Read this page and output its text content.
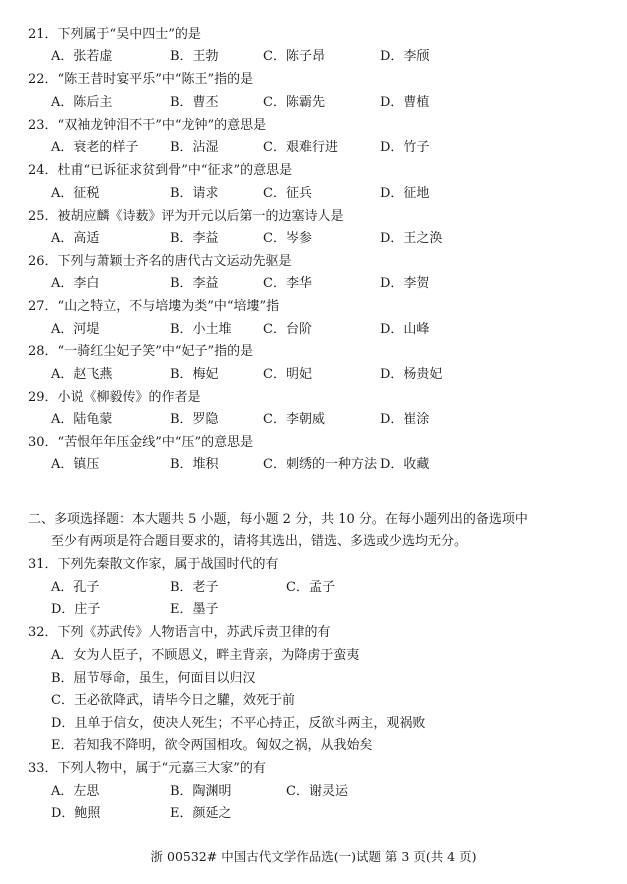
21．下列属于“吴中四士”的是
A．张若虚	B．王勃	C．陈子昂	D．李颀
22．“陈王昔时宴平乐”中“陈王”指的是
A．陈后主	B．曹丕	C．陈霸先	D．曹植
23．“双袖龙钟泪不干”中“龙钟”的意思是
A．衰老的样子 B．沾湿	C．艰难行进	D．竹子
24．杜甫“已诉征求贫到骨”中“征求”的意思是
A．征税	B．请求	C．征兵	D．征地
25．被胡应麟《诗薮》评为开元以后第一的边塞诗人是
A．高适	B．李益	C．岑参	D．王之涣
26．下列与萧颖士齐名的唐代古文运动先驱是
A．李白	B．李益	C．李华	D．李贺
27．“山之特立，不与培塿为类”中“培塿”指
A．河堤	B．小土堆 C．台阶	D．山峰
28．“一骑红尘妃子笑”中“妃子”指的是
A．赵飞燕	B．梅妃	C．明妃	D．杨贵妃
29．小说《柳毅传》的作者是
A．陆龟蒙	B．罗隐	C．李朝威	D．崔涂
30．“苦恨年年压金线”中“压”的意思是
A．镇压	B．堆积	C．刺绣的一种方法 D．收藏
二、多项选择题：本大题共 5 小题，每小题 2 分，共 10 分。在每小题列出的备选项中
至少有两项是符合题目要求的，请将其选出，错选、多选或少选均无分。
31．下列先秦散文作家，属于战国时代的有
A．孔子	B．老子	C．孟子
D．庄子	E．墨子
32．下列《苏武传》人物语言中，苏武斥责卫律的有
A．女为人臣子，不顾恩义，畔主背亲，为降虏于蛮夷
B．屈节辱命，虽生，何面目以归汉
C．王必欲降武，请毕今日之驩，效死于前
D．且单于信女，使决人死生；不平心持正，反欲斗两主，观祸败
E．若知我不降明，欲令两国相攻。匈奴之祸，从我始矣
33．下列人物中，属于“元嘉三大家”的有
A．左思	B．陶渊明	C．谢灵运
D．鲍照	E．颜延之
浙 00532# 中国古代文学作品选(一)试题 第 3 页(共 4 页)
